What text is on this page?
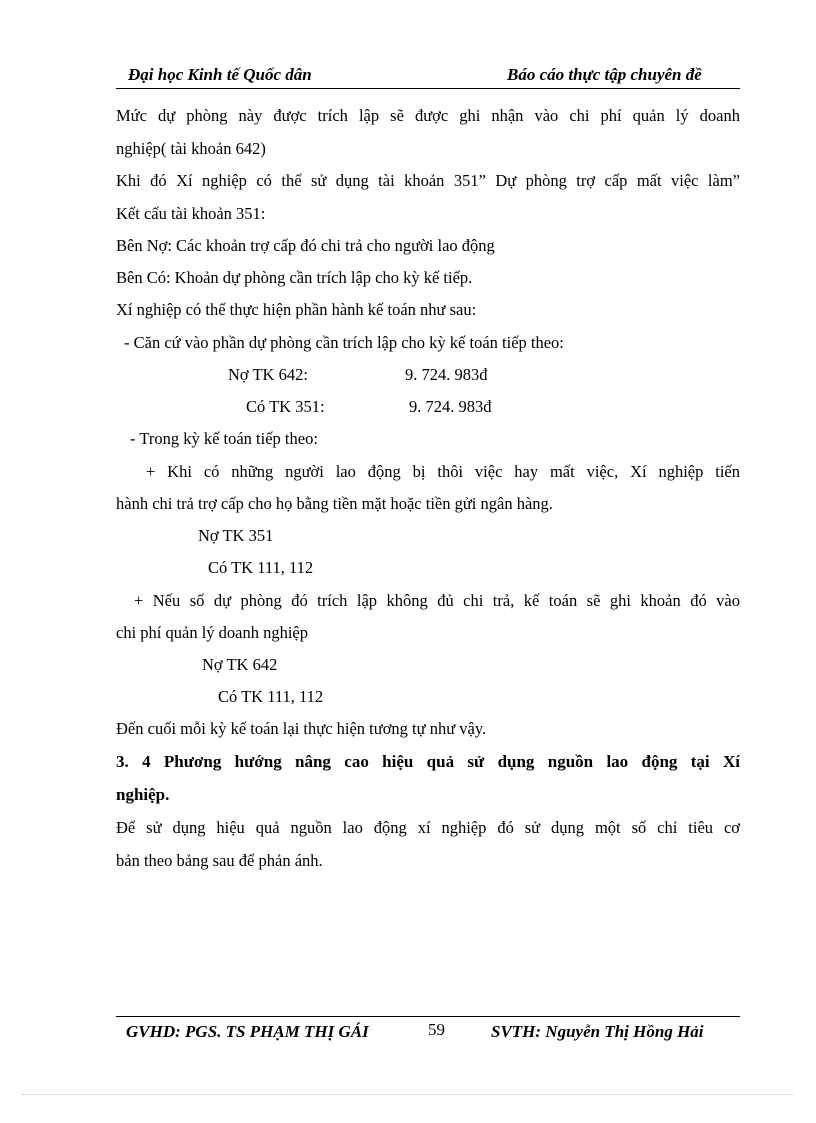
Đại học Kinh tế Quốc dân	Báo cáo thực tập chuyên đề
Mức dự phòng này được trích lập sẽ được ghi nhận vào chi phí quản lý doanh
nghiệp( tài khoản 642)
Khi đó Xí nghiệp có thể sử dụng tài khoản 351” Dự phòng trợ cấp mất việc làm”
Kết cấu tài khoản 351:
Bên Nợ: Các khoản trợ cấp đó chi trả cho người lao động
Bên Có: Khoản dự phòng cần trích lập cho kỳ kế tiếp.
Xí nghiệp có thể thực hiện phần hành kế toán như sau:
- Căn cứ vào phần dự phòng cần trích lập cho kỳ kế toán tiếp theo:
Nợ TK 642:	9. 724. 983đ
Có TK 351:	9. 724. 983đ
- Trong kỳ kế toán tiếp theo:
+ Khi có những người lao động bị thôi việc hay mất việc, Xí nghiệp tiến
hành chi trả trợ cấp cho họ bằng tiền mặt hoặc tiền gửi ngân hàng.
Nợ TK 351
Có TK 111, 112
+ Nếu số dự phòng đó trích lập không đủ chi trả, kế toán sẽ ghi khoản đó vào
chi phí quản lý doanh nghiệp
Nợ TK 642
Có TK 111, 112
Đến cuối mỗi kỳ kế toán lại thực hiện tương tự như vậy.
3. 4 Phương hướng nâng cao hiệu quả sử dụng nguồn lao động tại Xí
nghiệp.
Để sử dụng hiệu quả nguồn lao động xí nghiệp đó sử dụng một số chỉ tiêu cơ
bản theo bảng sau để phản ánh.
GVHD: PGS. TS PHẠM THỊ GÁI	59	SVTH: Nguyễn Thị Hồng Hải
